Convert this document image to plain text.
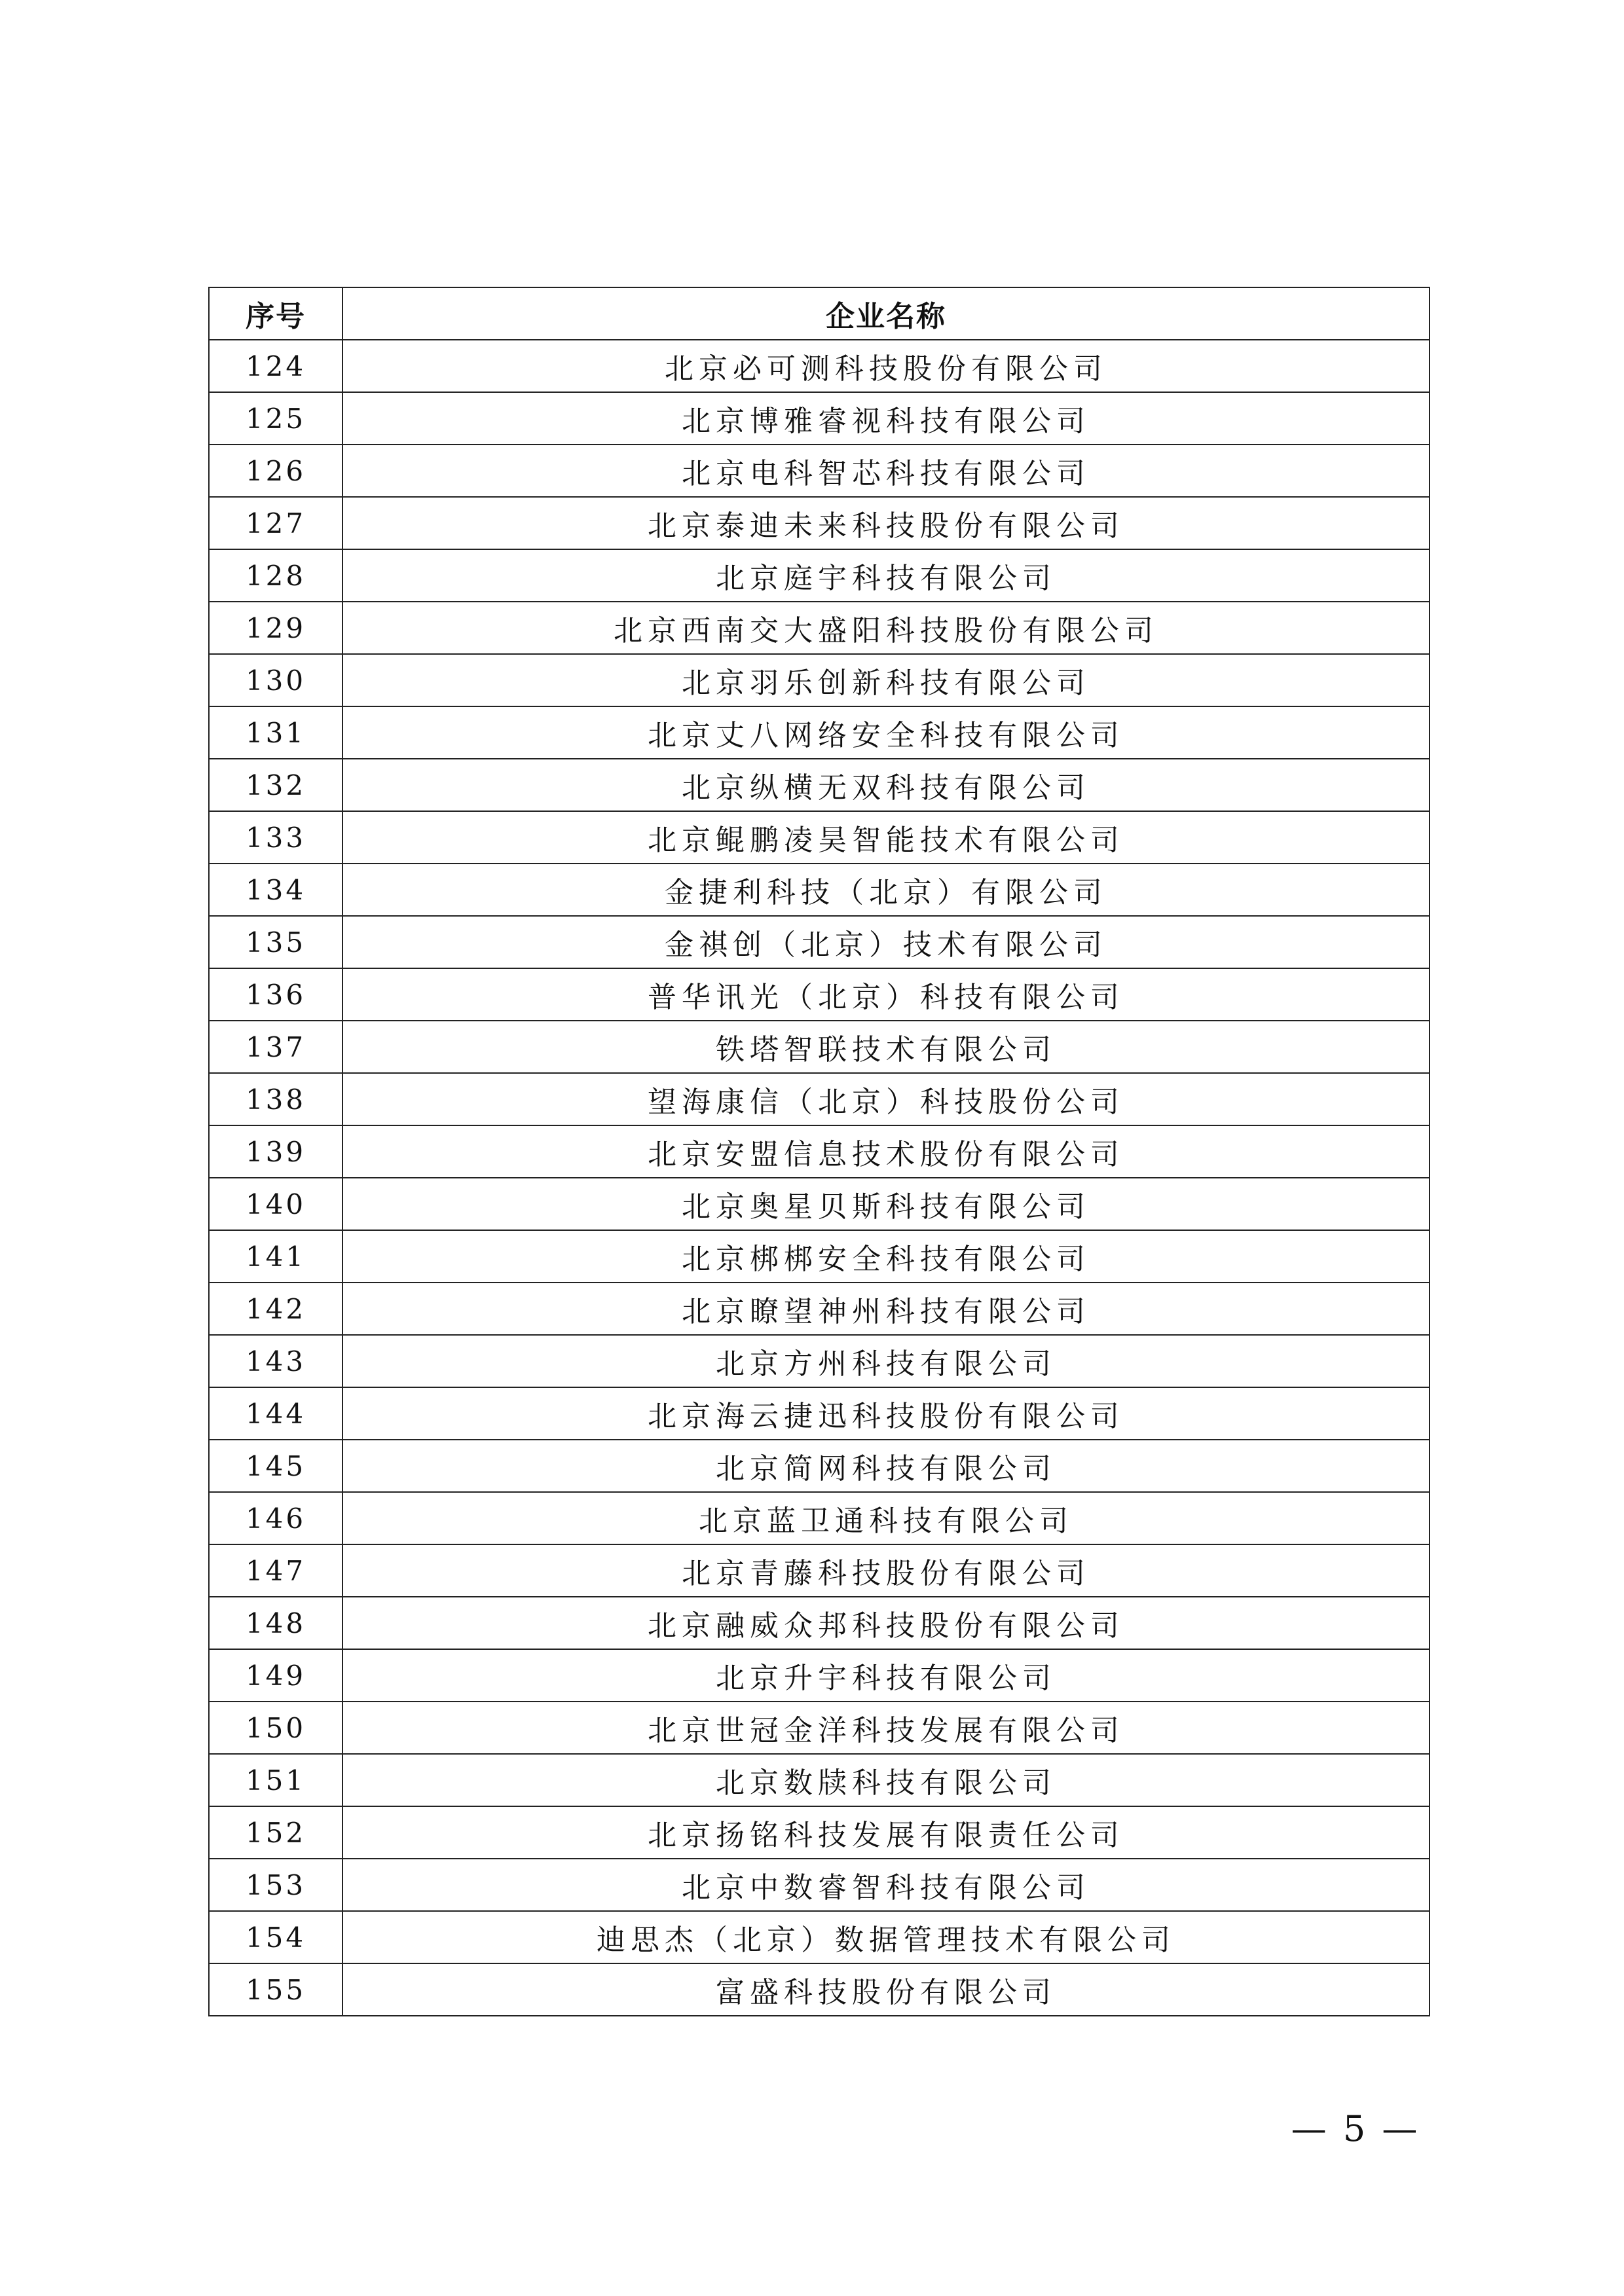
序号	企业名称
124	北京必可测科技股份有限公司
125	北京博雅睿视科技有限公司
126	北京电科智芯科技有限公司
127	北京泰迪未来科技股份有限公司
128	北京庭宇科技有限公司
129	北京西南交大盛阳科技股份有限公司
130	北京羽乐创新科技有限公司
131	北京丈八网络安全科技有限公司
132	北京纵横无双科技有限公司
133	北京鲲鹏凌昊智能技术有限公司
134	金捷利科技（北京）有限公司
135	金祺创（北京）技术有限公司
136	普华讯光（北京）科技有限公司
137	铁塔智联技术有限公司
138	望海康信（北京）科技股份公司
139	北京安盟信息技术股份有限公司
140	北京奥星贝斯科技有限公司
141	北京梆梆安全科技有限公司
142	北京瞭望神州科技有限公司
143	北京方州科技有限公司
144	北京海云捷迅科技股份有限公司
145	北京简网科技有限公司
146	北京蓝卫通科技有限公司
147	北京青藤科技股份有限公司
148	北京融威众邦科技股份有限公司
149	北京升宇科技有限公司
150	北京世冠金洋科技发展有限公司
151	北京数牍科技有限公司
152	北京扬铭科技发展有限责任公司
153	北京中数睿智科技有限公司
154	迪思杰（北京）数据管理技术有限公司
155	富盛科技股份有限公司
— 5 —
